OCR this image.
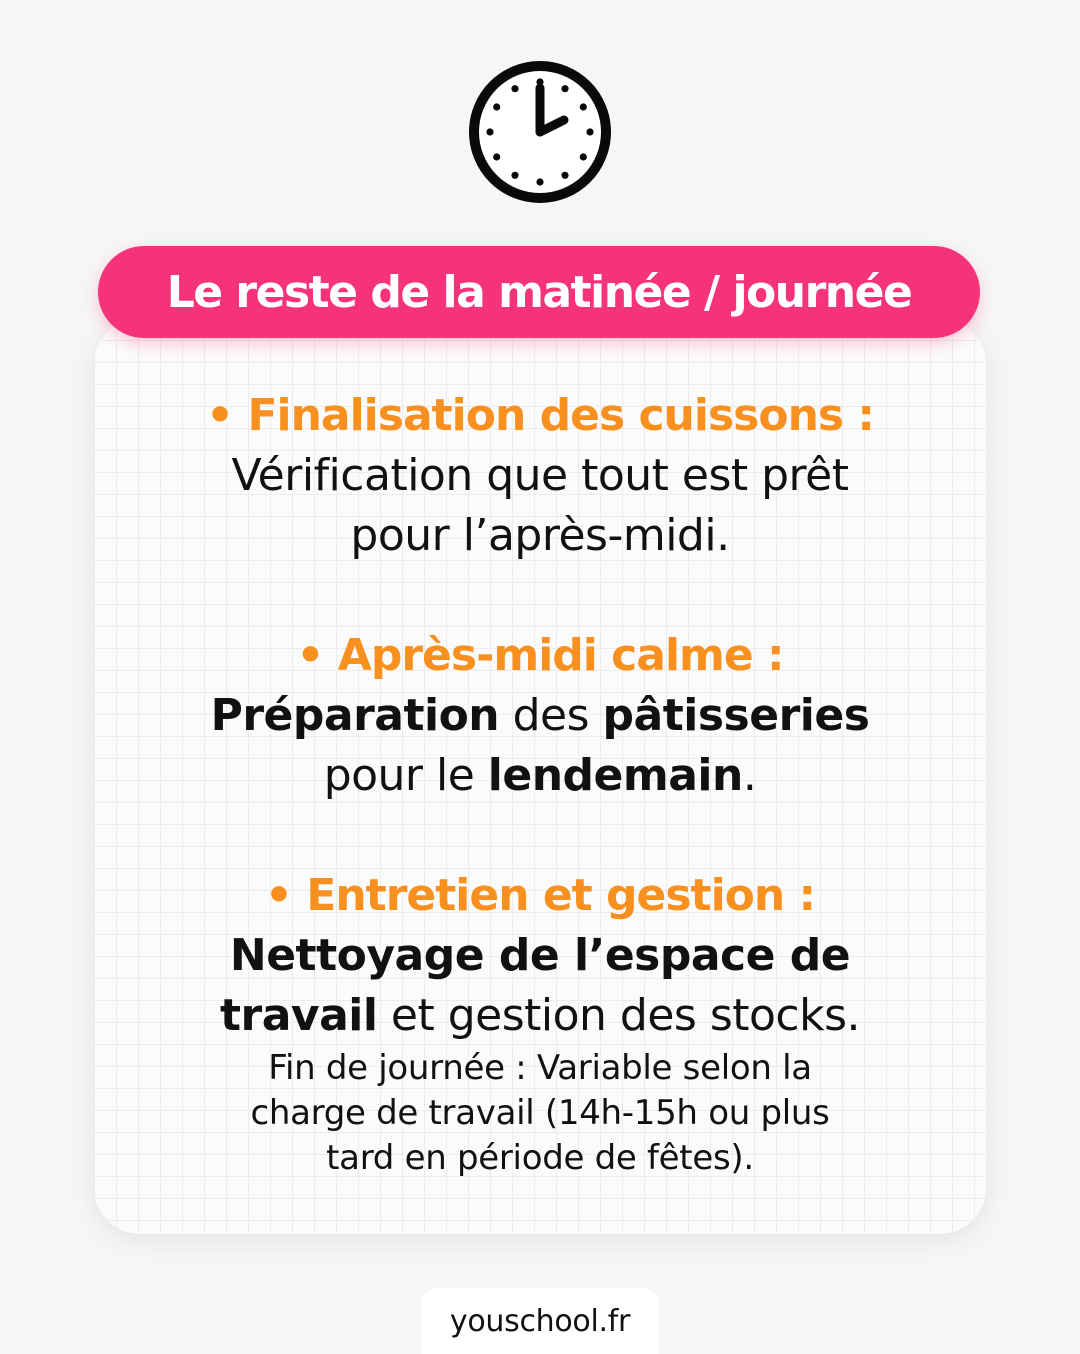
Le reste de la matinée / journée
• Finalisation des cuissons :
Vérification que tout est prêt
pour l’après-midi.
• Après-midi calme :
Préparation des pâtisseries
pour le lendemain.
• Entretien et gestion :
Nettoyage de l’espace de
travail et gestion des stocks.
Fin de journée : Variable selon la
charge de travail (14h-15h ou plus
tard en période de fêtes).
youschool.fr
